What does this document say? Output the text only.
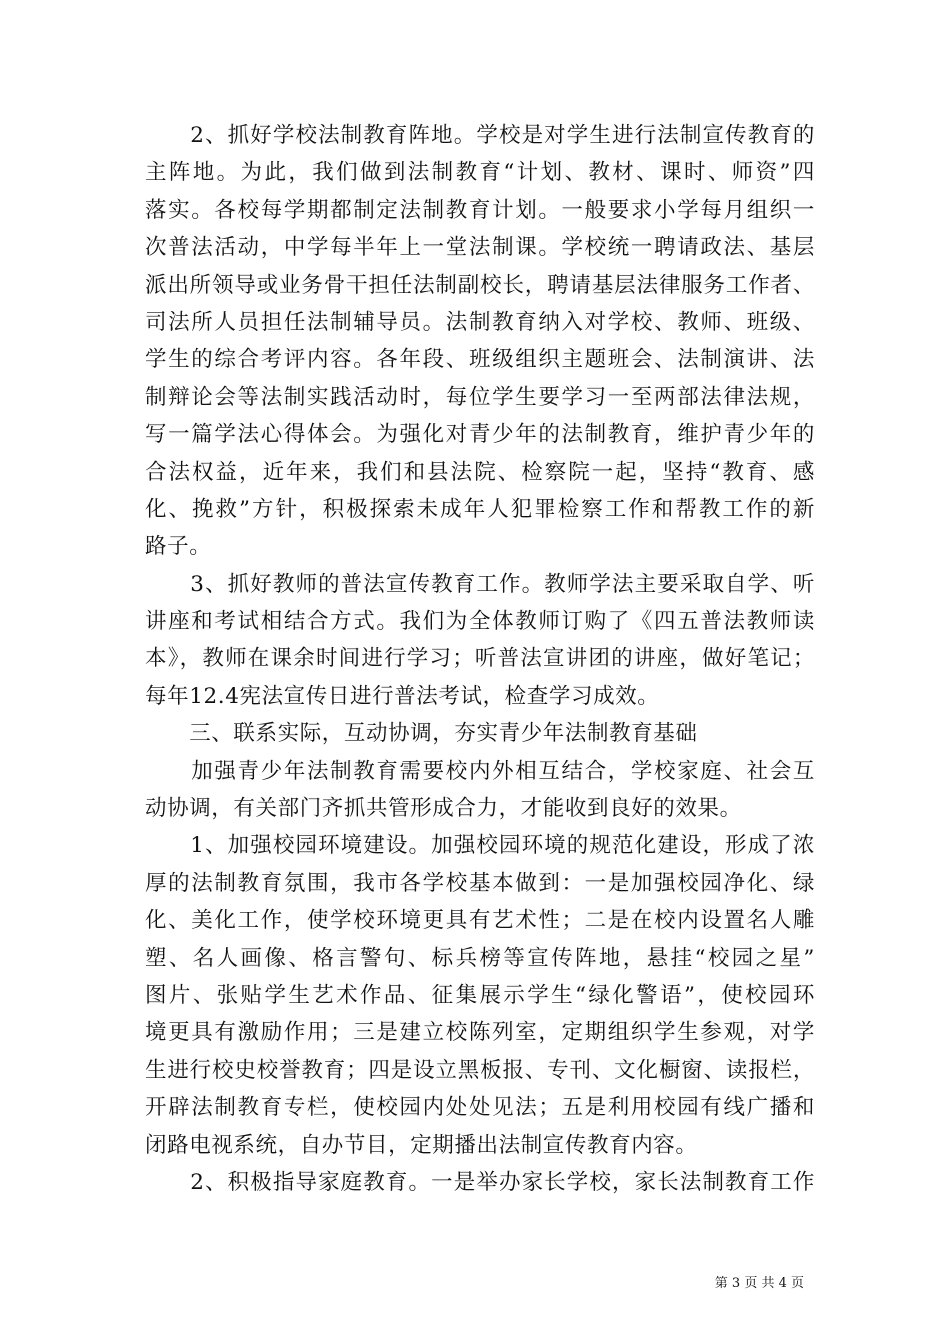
　　2、抓好学校法制教育阵地。学校是对学生进行法制宣传教育的
主阵地。为此，我们做到法制教育“计划、教材、课时、师资”四
落实。各校每学期都制定法制教育计划。一般要求小学每月组织一
次普法活动，中学每半年上一堂法制课。学校统一聘请政法、基层
派出所领导或业务骨干担任法制副校长，聘请基层法律服务工作者、
司法所人员担任法制辅导员。法制教育纳入对学校、教师、班级、
学生的综合考评内容。各年段、班级组织主题班会、法制演讲、法
制辩论会等法制实践活动时，每位学生要学习一至两部法律法规，
写一篇学法心得体会。为强化对青少年的法制教育，维护青少年的
合法权益，近年来，我们和县法院、检察院一起，坚持“教育、感
化、挽救”方针，积极探索未成年人犯罪检察工作和帮教工作的新
路子。
　　3、抓好教师的普法宣传教育工作。教师学法主要采取自学、听
讲座和考试相结合方式。我们为全体教师订购了《四五普法教师读
本》，教师在课余时间进行学习；听普法宣讲团的讲座，做好笔记；
每年12.4宪法宣传日进行普法考试，检查学习成效。
　　三、联系实际，互动协调，夯实青少年法制教育基础
　　加强青少年法制教育需要校内外相互结合，学校家庭、社会互
动协调，有关部门齐抓共管形成合力，才能收到良好的效果。
　　1、加强校园环境建设。加强校园环境的规范化建设，形成了浓
厚的法制教育氛围，我市各学校基本做到：一是加强校园净化、绿
化、美化工作，使学校环境更具有艺术性；二是在校内设置名人雕
塑、名人画像、格言警句、标兵榜等宣传阵地，悬挂“校园之星”
图片、张贴学生艺术作品、征集展示学生“绿化警语”，使校园环
境更具有激励作用；三是建立校陈列室，定期组织学生参观，对学
生进行校史校誉教育；四是设立黑板报、专刊、文化橱窗、读报栏，
开辟法制教育专栏，使校园内处处见法；五是利用校园有线广播和
闭路电视系统，自办节目，定期播出法制宣传教育内容。
　　2、积极指导家庭教育。一是举办家长学校，家长法制教育工作
第 3 页 共 4 页
